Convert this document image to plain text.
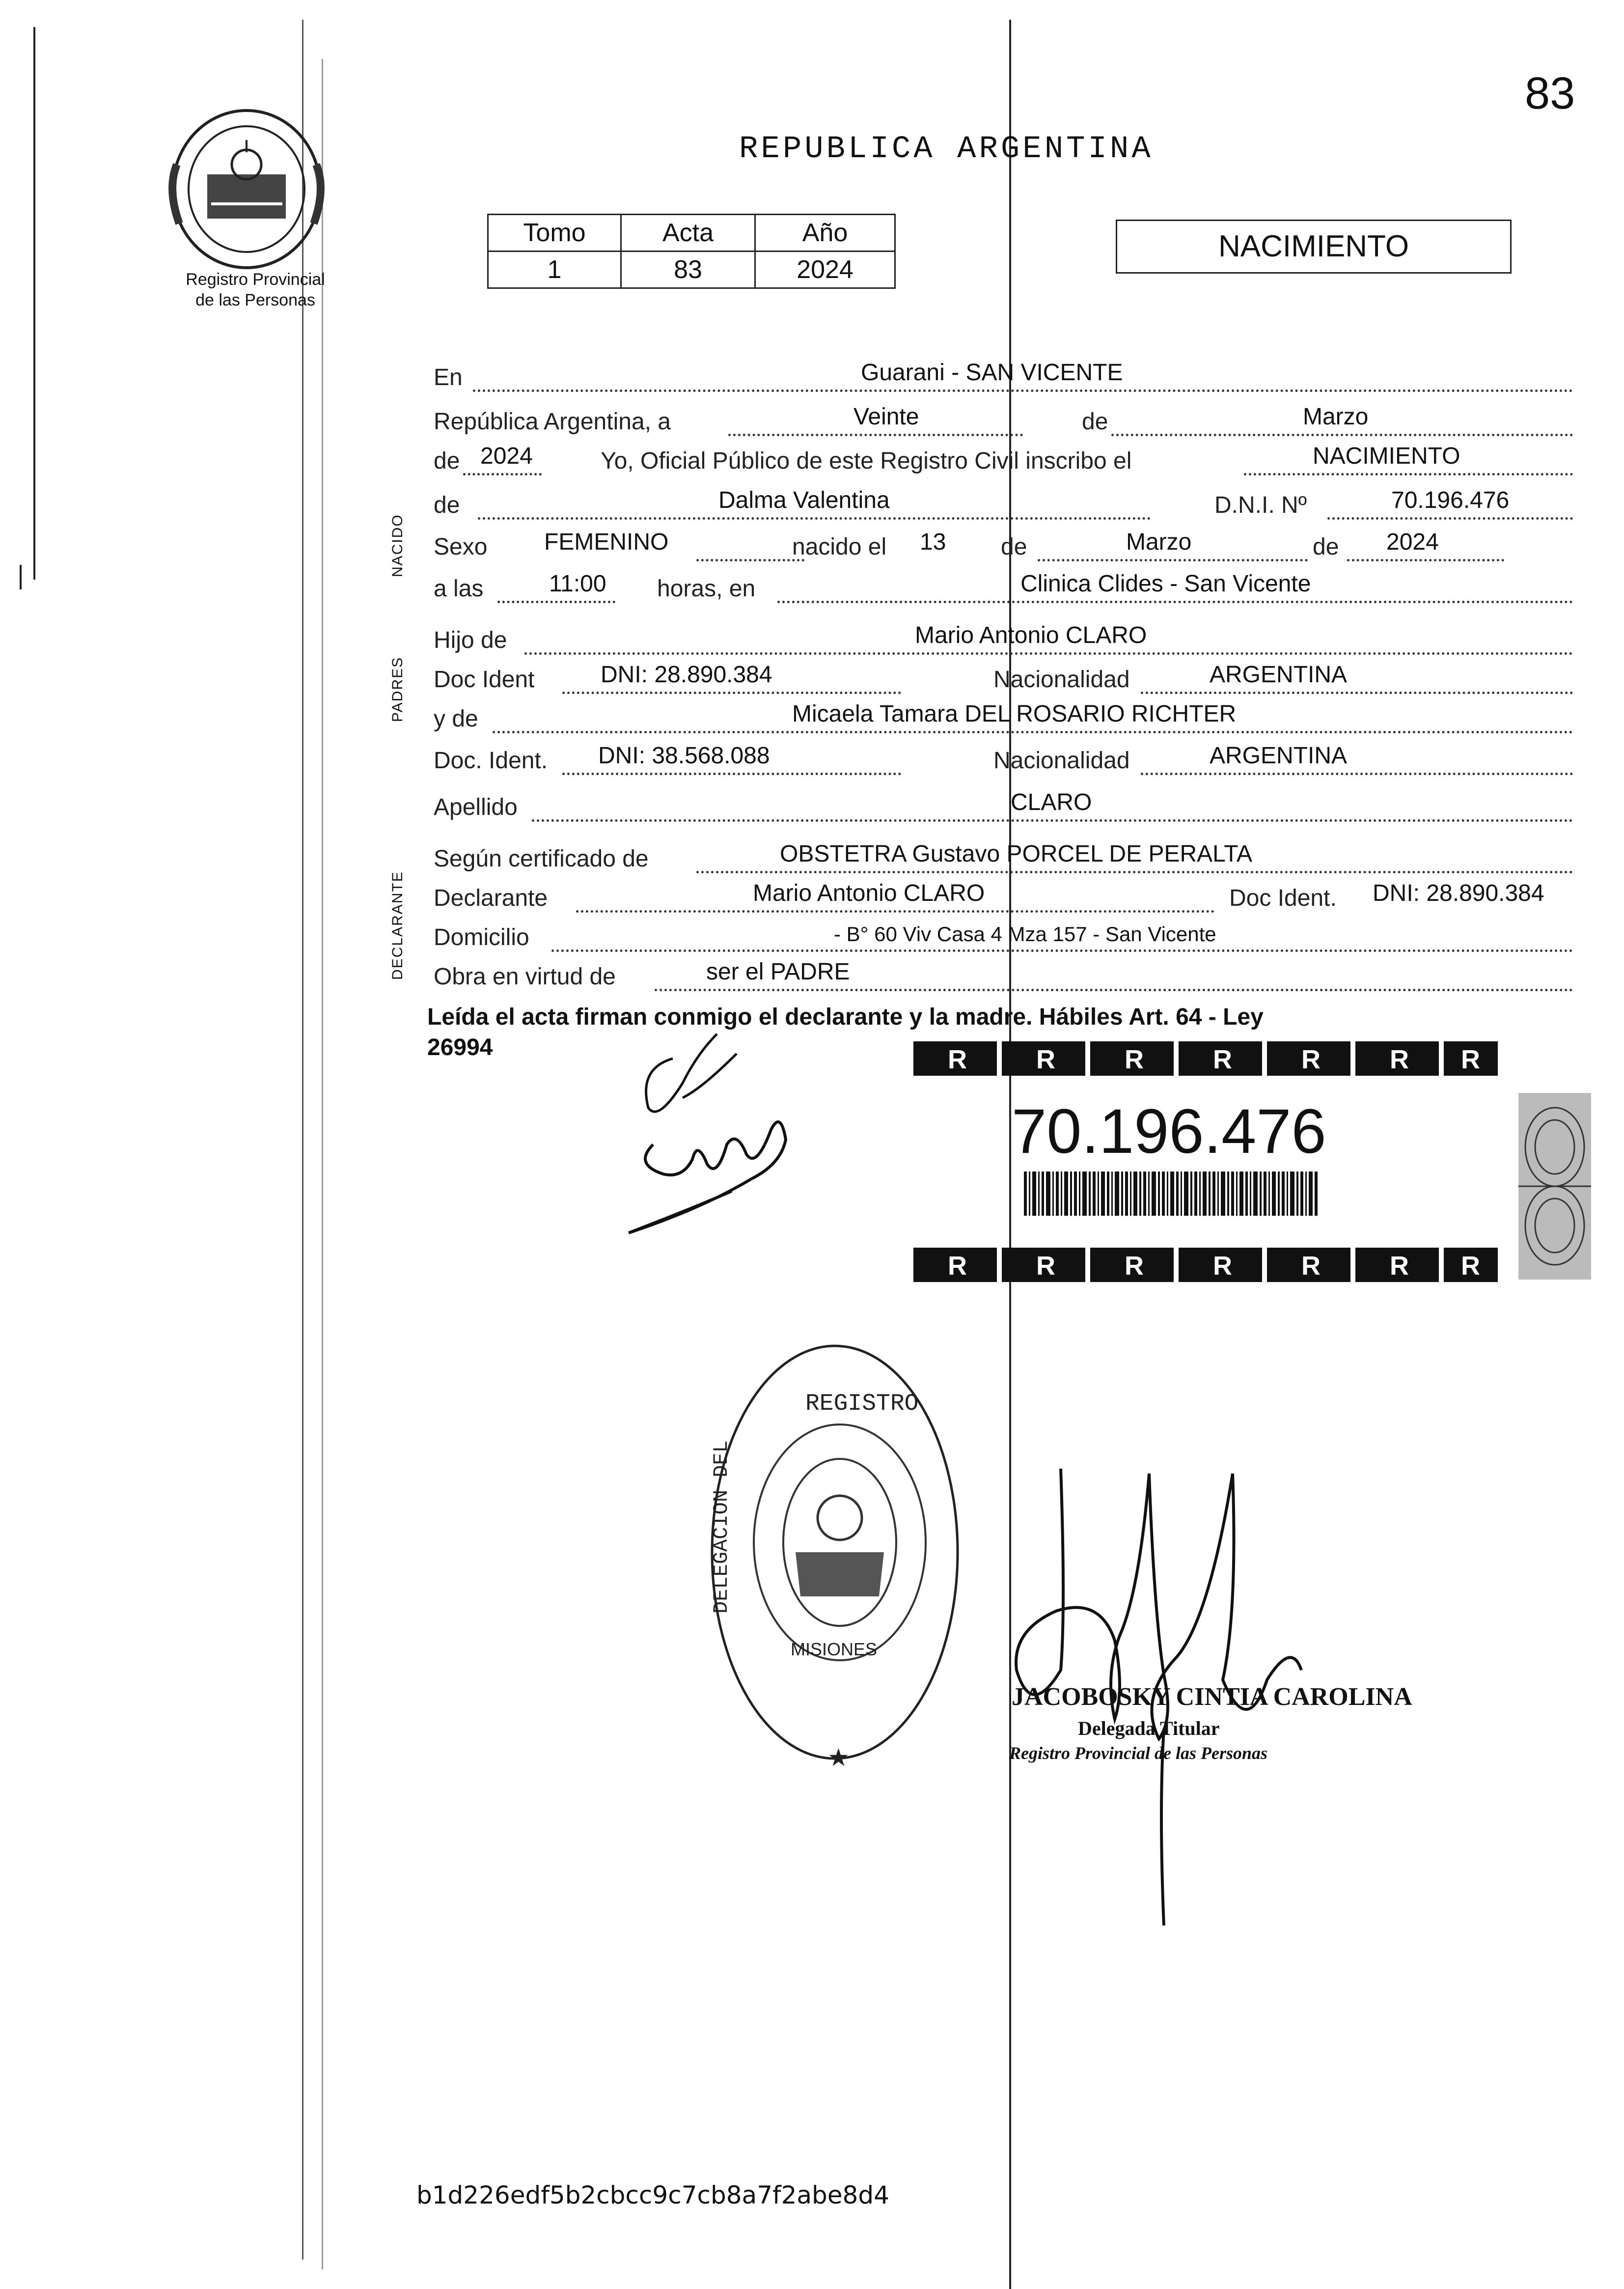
83
REPUBLICA ARGENTINA
Registro Provincial
de las Personas
Tomo	Acta	Año
1	83	2024
NACIMIENTO
NACIDO
PADRES
DECLARANTE
En	Guarani - SAN VICENTE
República Argentina, a	Veinte	de	Marzo
de 2024	Yo, Oficial Público de este Registro Civil inscribo el	NACIMIENTO
de	Dalma Valentina	D.N.I. Nº	70.196.476
Sexo FEMENINO	nacido el 13 de	Marzo	de 2024
a las	11:00 horas, en	Clinica Clides - San Vicente
Hijo de	Mario Antonio CLARO
Doc Ident	DNI: 28.890.384	Nacionalidad	ARGENTINA
y de	Micaela Tamara DEL ROSARIO RICHTER
Doc. Ident. DNI: 38.568.088	Nacionalidad	ARGENTINA
Apellido	CLARO
Según certificado de	OBSTETRA Gustavo PORCEL DE PERALTA
Declarante	Mario Antonio CLARO	Doc Ident. DNI: 28.890.384
Domicilio	- B° 60 Viv Casa 4 Mza 157 - San Vicente
Obra en virtud de	ser el PADRE
Leída el acta firman conmigo el declarante y la madre. Hábiles Art. 64 - Ley
26994	R	R	R	R	R	R R
R	R	R	R	R	R R
70.196.476
REGISTRO
DELEGACION DEL
MISIONES
★
JACOBOSKY CINTIA CAROLINA
Delegada Titular
Registro Provincial de las Personas
b1d226edf5b2cbcc9c7cb8a7f2abe8d4
